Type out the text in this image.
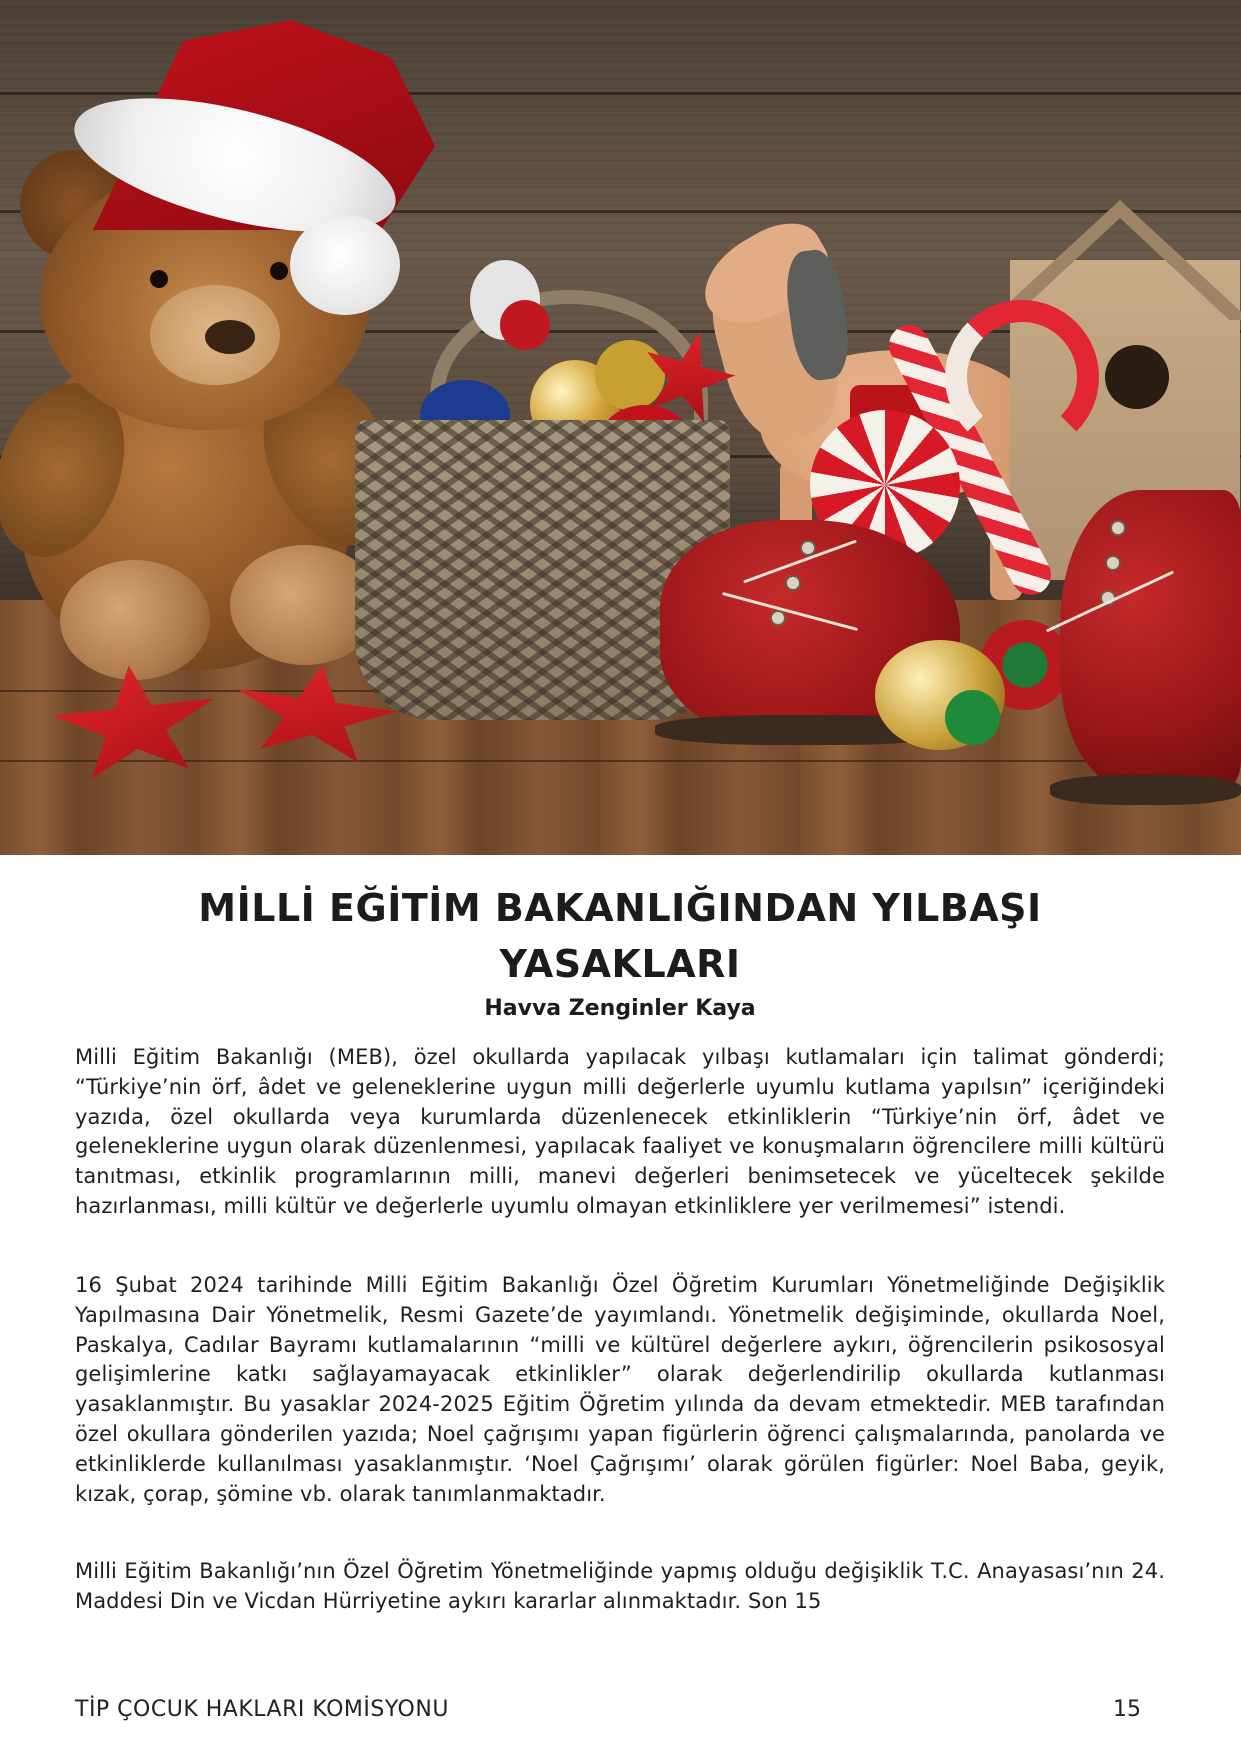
MİLLİ EĞİTİM BAKANLIĞINDAN YILBAŞI YASAKLARI

Havva Zenginler Kaya

Milli Eğitim Bakanlığı (MEB), özel okullarda yapılacak yılbaşı kutlamaları için talimat gönderdi; “Türkiye’nin örf, âdet ve geleneklerine uygun milli değerlerle uyumlu kutlama yapılsın” içeriğindeki yazıda, özel okullarda veya kurumlarda düzenlenecek etkinliklerin “Türkiye’nin örf, âdet ve geleneklerine uygun olarak düzenlenmesi, yapılacak faaliyet ve konuşmaların öğrencilere milli kültürü tanıtması, etkinlik programlarının milli, manevi değerleri benimsetecek ve yüceltecek şekilde hazırlanması, milli kültür ve değerlerle uyumlu olmayan etkinliklere yer verilmemesi” istendi.

16 Şubat 2024 tarihinde Milli Eğitim Bakanlığı Özel Öğretim Kurumları Yönetmeliğinde Değişiklik Yapılmasına Dair Yönetmelik, Resmi Gazete’de yayımlandı. Yönetmelik değişiminde, okullarda Noel, Paskalya, Cadılar Bayramı kutlamalarının “milli ve kültürel değerlere aykırı, öğrencilerin psikososyal gelişimlerine katkı sağlayamayacak etkinlikler” olarak değerlendirilip okullarda kutlanması yasaklanmıştır. Bu yasaklar 2024-2025 Eğitim Öğretim yılında da devam etmektedir. MEB tarafından özel okullara gönderilen yazıda; Noel çağrışımı yapan figürlerin öğrenci çalışmalarında, panolarda ve etkinliklerde kullanılması yasaklanmıştır. ‘Noel Çağrışımı’ olarak görülen figürler: Noel Baba, geyik, kızak, çorap, şömine vb. olarak tanımlanmaktadır.

Milli Eğitim Bakanlığı’nın Özel Öğretim Yönetmeliğinde yapmış olduğu değişiklik T.C. Anayasası’nın 24. Maddesi Din ve Vicdan Hürriyetine aykırı kararlar alınmaktadır. Son 15

TİP ÇOCUK HAKLARI KOMİSYONU	15
